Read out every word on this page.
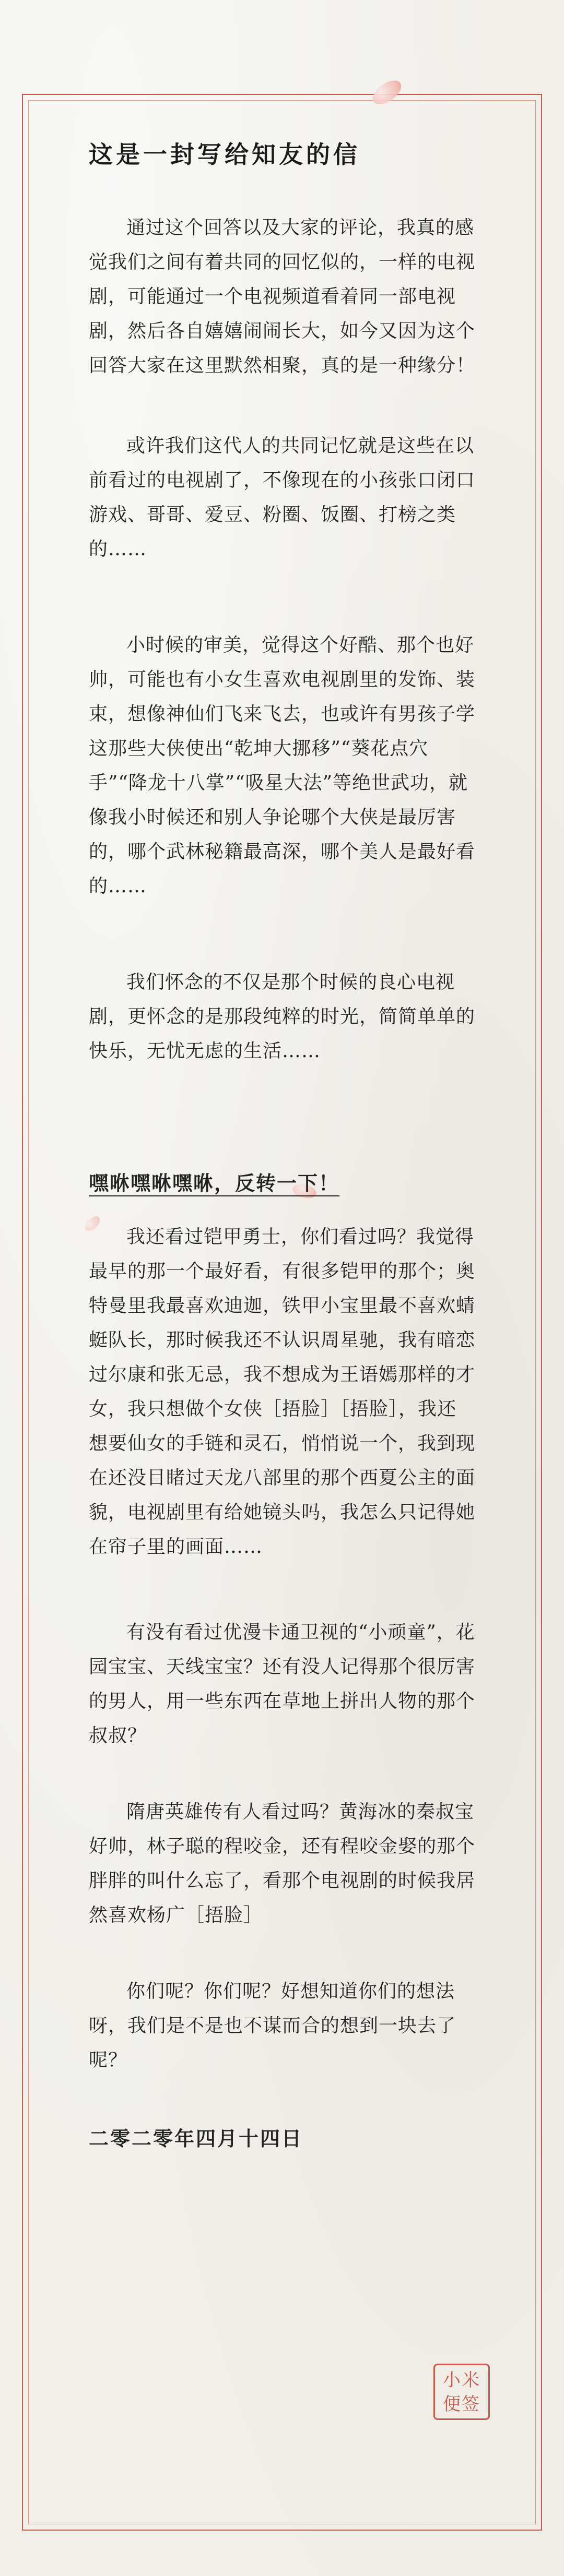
这是一封写给知友的信

通过这个回答以及大家的评论，我真的感觉我们之间有着共同的回忆似的，一样的电视剧，可能通过一个电视频道看着同一部电视剧，然后各自嬉嬉闹闹长大，如今又因为这个回答大家在这里默然相聚，真的是一种缘分！

或许我们这代人的共同记忆就是这些在以前看过的电视剧了，不像现在的小孩张口闭口游戏、哥哥、爱豆、粉圈、饭圈、打榜之类的……

小时候的审美，觉得这个好酷、那个也好帅，可能也有小女生喜欢电视剧里的发饰、装束，想像神仙们飞来飞去，也或许有男孩子学这那些大侠使出“乾坤大挪移”“葵花点穴手”“降龙十八掌”“吸星大法”等绝世武功，就像我小时候还和别人争论哪个大侠是最厉害的，哪个武林秘籍最高深，哪个美人是最好看的……

我们怀念的不仅是那个时候的良心电视剧，更怀念的是那段纯粹的时光，简简单单的快乐，无忧无虑的生活……

嘿咻嘿咻嘿咻，反转一下！

我还看过铠甲勇士，你们看过吗？我觉得最早的那一个最好看，有很多铠甲的那个；奥特曼里我最喜欢迪迦，铁甲小宝里最不喜欢蜻蜓队长，那时候我还不认识周星驰，我有暗恋过尔康和张无忌，我不想成为王语嫣那样的才女，我只想做个女侠［捂脸］［捂脸］，我还想要仙女的手链和灵石，悄悄说一个，我到现在还没目睹过天龙八部里的那个西夏公主的面貌，电视剧里有给她镜头吗，我怎么只记得她在帘子里的画面……

有没有看过优漫卡通卫视的“小顽童”，花园宝宝、天线宝宝？还有没人记得那个很厉害的男人，用一些东西在草地上拼出人物的那个叔叔？

隋唐英雄传有人看过吗？黄海冰的秦叔宝好帅，林子聪的程咬金，还有程咬金娶的那个胖胖的叫什么忘了，看那个电视剧的时候我居然喜欢杨广［捂脸］

你们呢？你们呢？好想知道你们的想法呀，我们是不是也不谋而合的想到一块去了呢？

二零二零年四月十四日

小米
便签
